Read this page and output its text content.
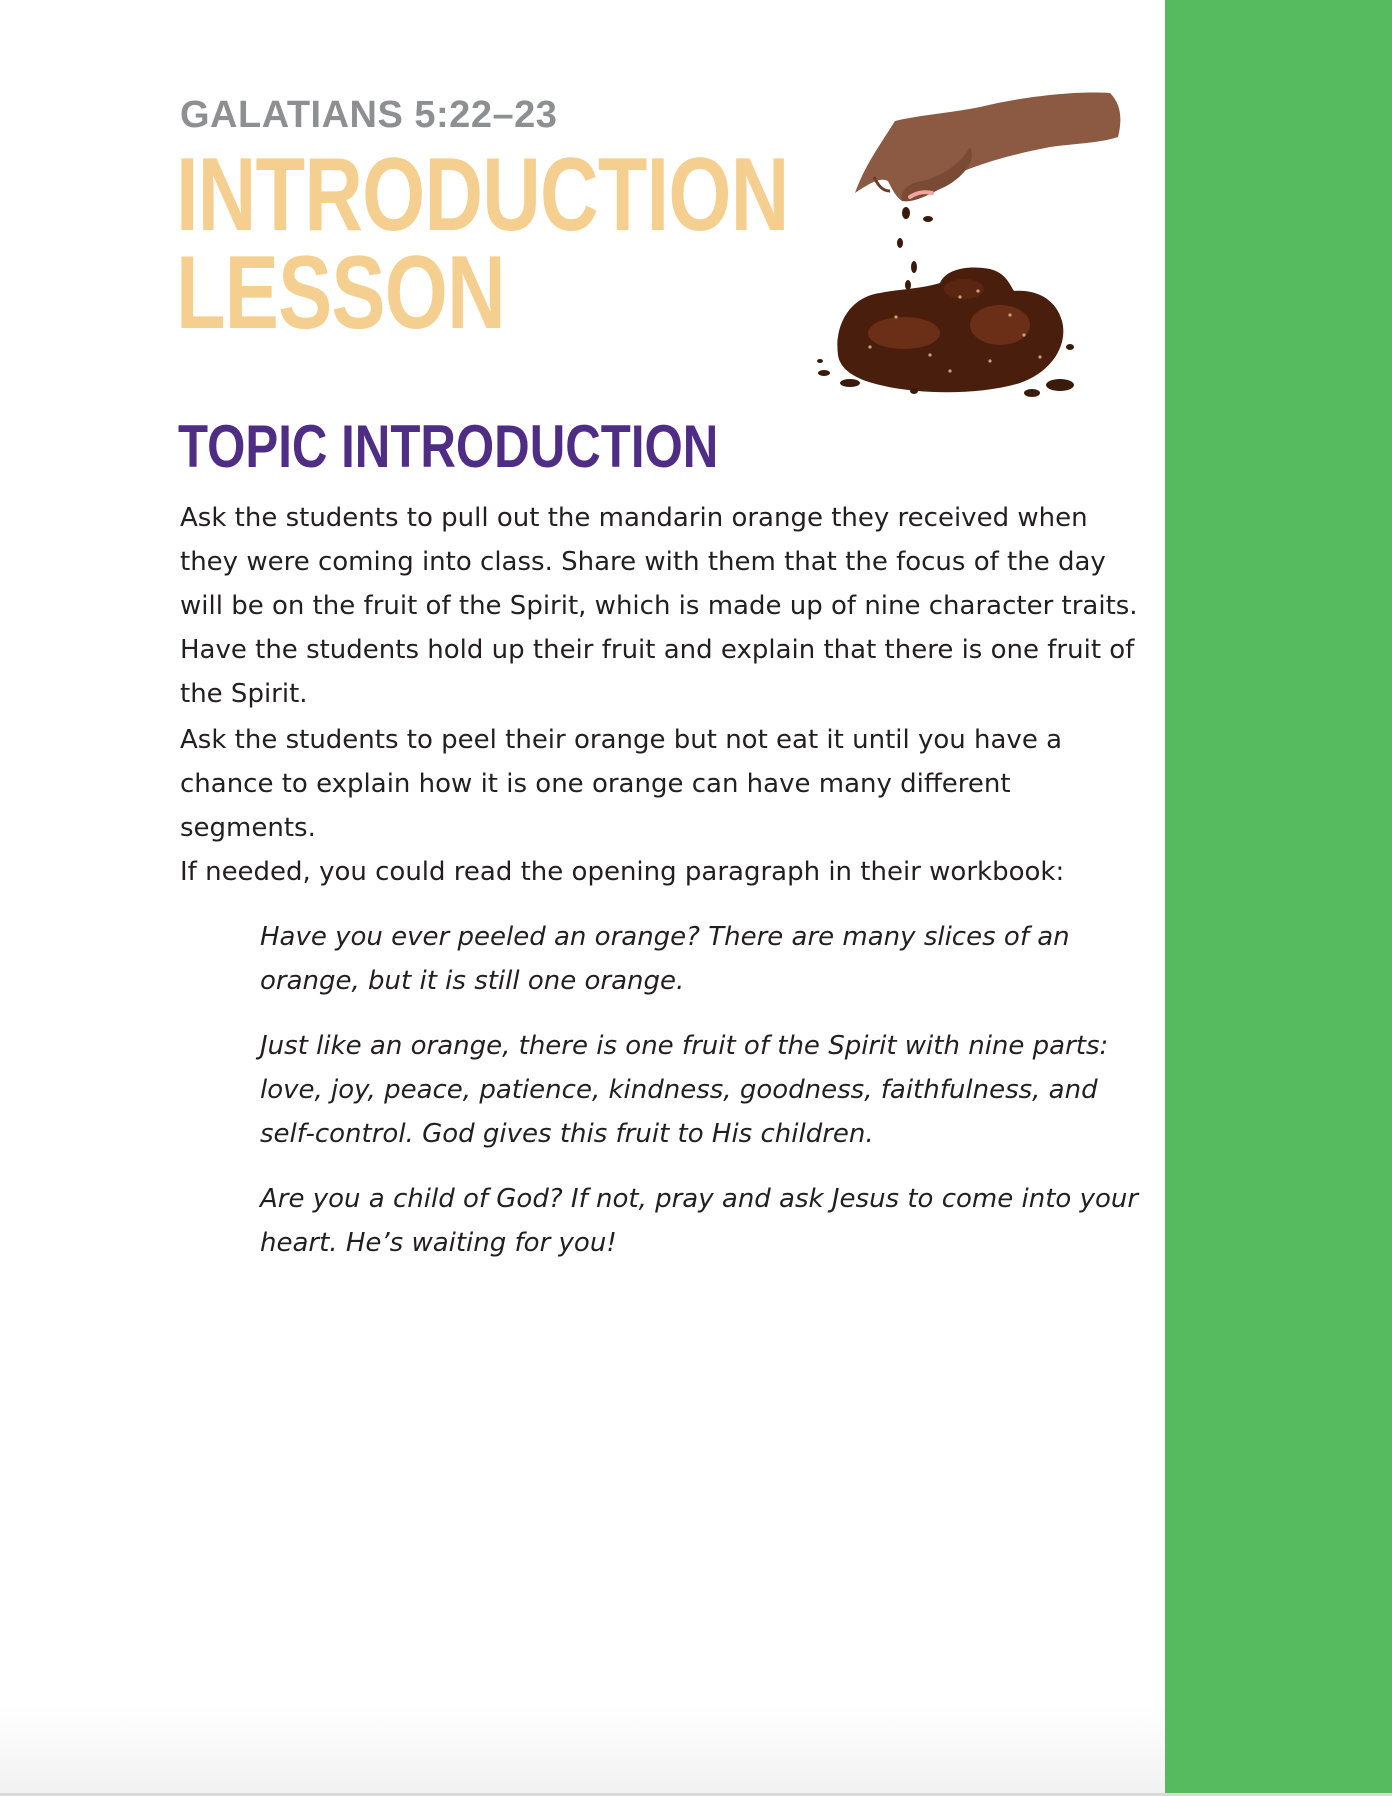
GALATIANS 5:22–23
INTRODUCTION
LESSON
TOPIC INTRODUCTION

Ask the students to pull out the mandarin orange they received when they were coming into class. Share with them that the focus of the day will be on the fruit of the Spirit, which is made up of nine character traits. Have the students hold up their fruit and explain that there is one fruit of the Spirit.

Ask the students to peel their orange but not eat it until you have a chance to explain how it is one orange can have many different segments.

If needed, you could read the opening paragraph in their workbook:

Have you ever peeled an orange? There are many slices of an orange, but it is still one orange.

Just like an orange, there is one fruit of the Spirit with nine parts: love, joy, peace, patience, kindness, goodness, faithfulness, and self-control. God gives this fruit to His children.

Are you a child of God? If not, pray and ask Jesus to come into your heart. He’s waiting for you!
